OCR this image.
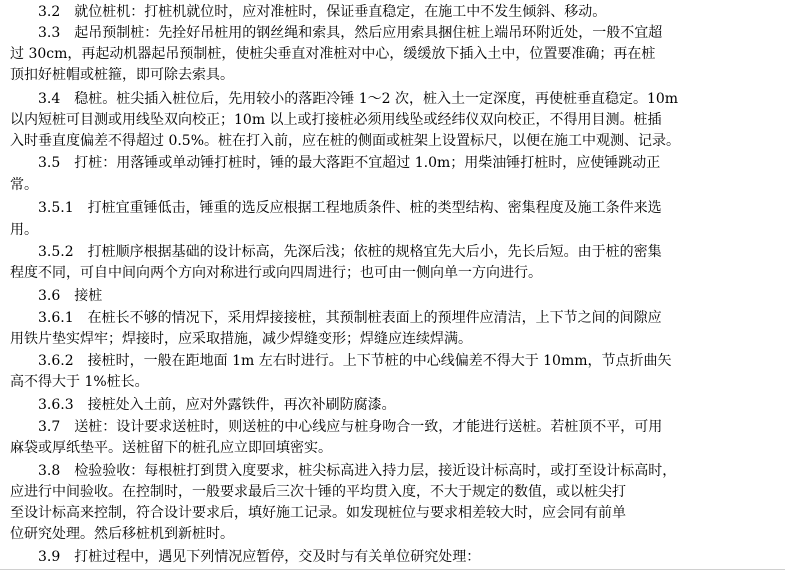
3.2　就位桩机：打桩机就位时，应对准桩时，保证垂直稳定，在施工中不发生倾斜、移动。
3.3　起吊预制桩：先拴好吊桩用的钢丝绳和索具，然后应用索具捆住桩上端吊环附近处，一般不宜超
过 30cm，再起动机器起吊预制桩，使桩尖垂直对准桩对中心，缓缓放下插入土中，位置要准确；再在桩
顶扣好桩帽或桩箍，即可除去索具。
3.4　稳桩。桩尖插入桩位后，先用较小的落距冷锤 1～2 次，桩入土一定深度，再使桩垂直稳定。10m
以内短桩可目测或用线坠双向校正；10m 以上或打接桩必须用线坠或经纬仪双向校正，不得用目测。桩插
入时垂直度偏差不得超过 0.5%。桩在打入前，应在桩的侧面或桩架上设置标尺，以便在施工中观测、记录。
3.5　打桩：用落锤或单动锤打桩时，锤的最大落距不宜超过 1.0m；用柴油锤打桩时，应使锤跳动正
常。
3.5.1　打桩宜重锤低击，锤重的选反应根据工程地质条件、桩的类型结构、密集程度及施工条件来选
用。
3.5.2　打桩顺序根据基础的设计标高，先深后浅；依桩的规格宜先大后小，先长后短。由于桩的密集
程度不同，可自中间向两个方向对称进行或向四周进行；也可由一侧向单一方向进行。
3.6　接桩
3.6.1　在桩长不够的情况下，采用焊接接桩，其预制桩表面上的预埋件应清洁，上下节之间的间隙应
用铁片垫实焊牢；焊接时，应采取措施，减少焊缝变形；焊缝应连续焊满。
3.6.2　接桩时，一般在距地面 1m 左右时进行。上下节桩的中心线偏差不得大于 10mm，节点折曲矢
高不得大于 1%桩长。
3.6.3　接桩处入土前，应对外露铁件，再次补刷防腐漆。
3.7　送桩：设计要求送桩时，则送桩的中心线应与桩身吻合一致，才能进行送桩。若桩顶不平，可用
麻袋或厚纸垫平。送桩留下的桩孔应立即回填密实。
3.8　检验验收：每根桩打到贯入度要求，桩尖标高进入持力层，接近设计标高时，或打至设计标高时，
应进行中间验收。在控制时，一般要求最后三次十锤的平均贯入度，不大于规定的数值，或以桩尖打
至设计标高来控制，符合设计要求后，填好施工记录。如发现桩位与要求相差较大时，应会同有前单
位研究处理。然后移桩机到新桩时。
3.9　打桩过程中，遇见下列情况应暂停，交及时与有关单位研究处理：
